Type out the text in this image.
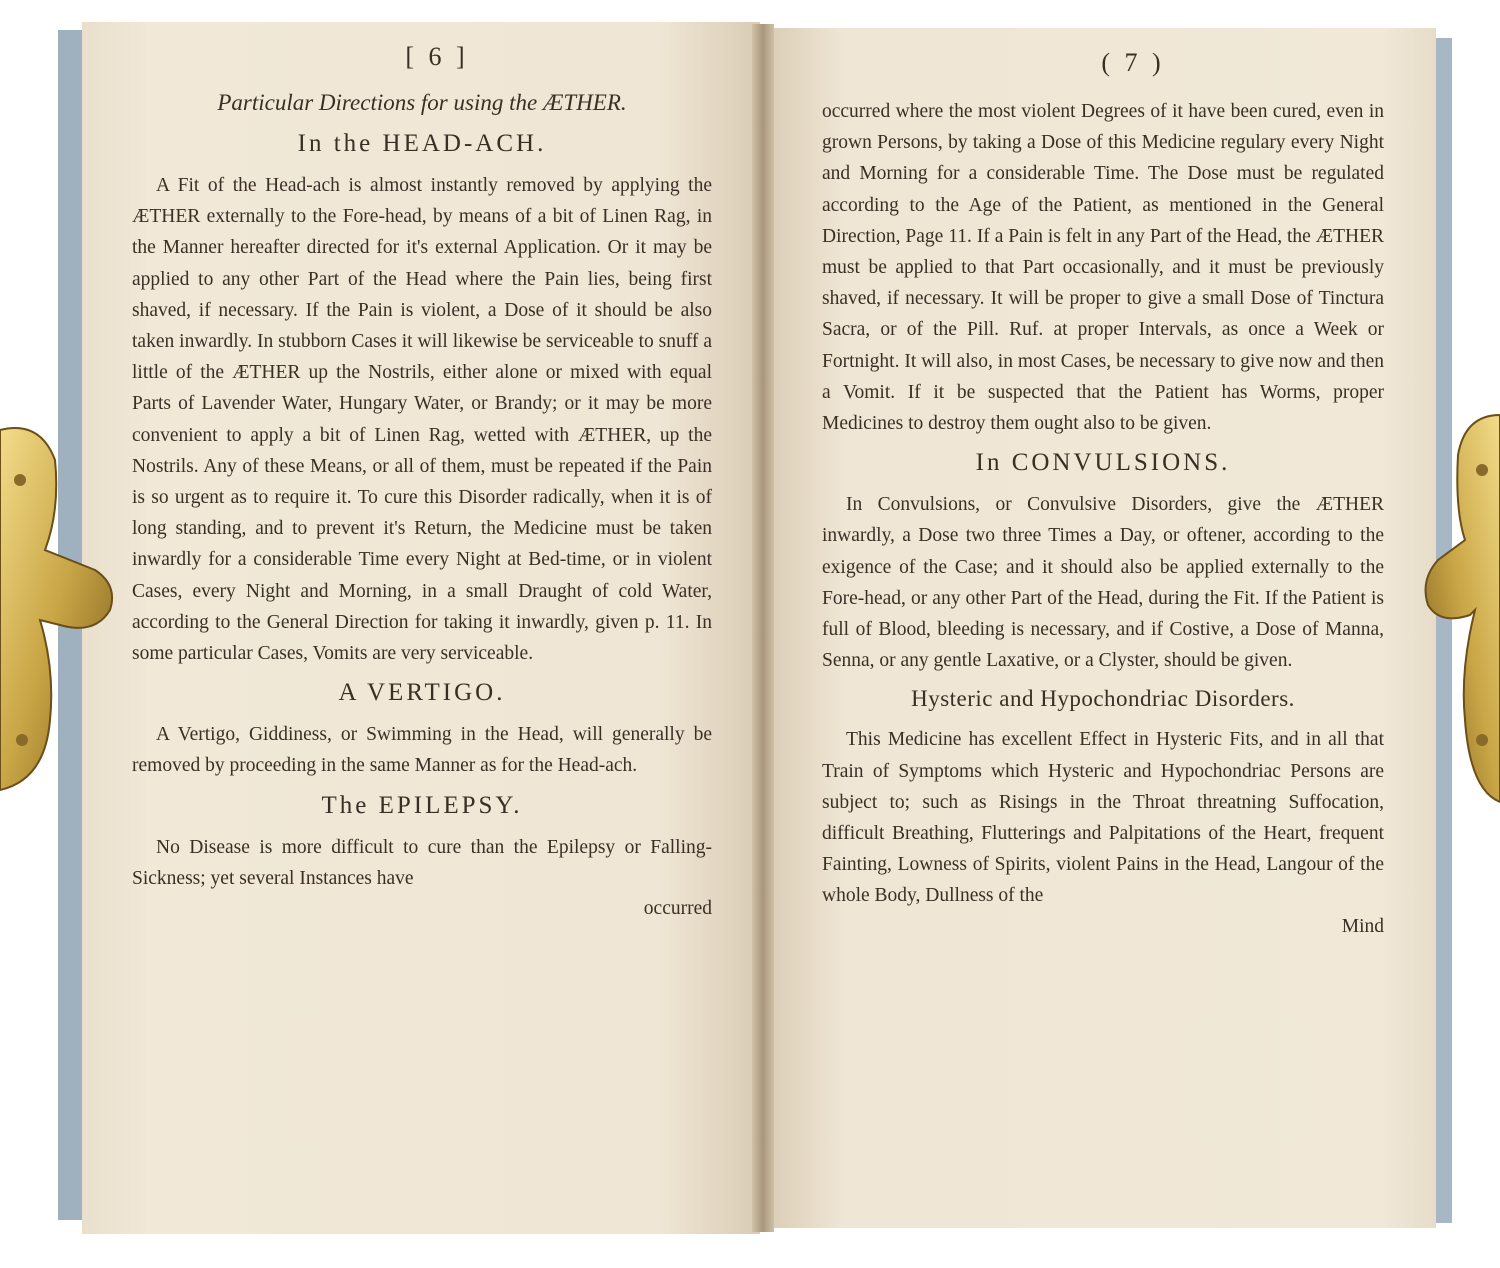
[ 6 ]
Particular Directions for using the ÆTHER.
In the HEAD-ACH.

A Fit of the Head-ach is almost instantly removed by applying the ÆTHER externally to the Fore-head, by means of a bit of Linen Rag, in the Manner hereafter directed for it's external Application. Or it may be applied to any other Part of the Head where the Pain lies, being first shaved, if necessary. If the Pain is violent, a Dose of it should be also taken inwardly. In stubborn Cases it will likewise be serviceable to snuff a little of the ÆTHER up the Nostrils, either alone or mixed with equal Parts of Lavender Water, Hungary Water, or Brandy; or it may be more convenient to apply a bit of Linen Rag, wetted with ÆTHER, up the Nostrils. Any of these Means, or all of them, must be repeated if the Pain is so urgent as to require it. To cure this Disorder radically, when it is of long standing, and to prevent it's Return, the Medicine must be taken inwardly for a considerable Time every Night at Bed-time, or in violent Cases, every Night and Morning, in a small Draught of cold Water, according to the General Direction for taking it inwardly, given p. 11. In some particular Cases, Vomits are very serviceable.

A VERTIGO.

A Vertigo, Giddiness, or Swimming in the Head, will generally be removed by proceeding in the same Manner as for the Head-ach.

The EPILEPSY.

No Disease is more difficult to cure than the Epilepsy or Falling-Sickness; yet several Instances have

occurred

( 7 )

occurred where the most violent Degrees of it have been cured, even in grown Persons, by taking a Dose of this Medicine regulary every Night and Morning for a considerable Time. The Dose must be regulated according to the Age of the Patient, as mentioned in the General Direction, Page 11. If a Pain is felt in any Part of the Head, the ÆTHER must be applied to that Part occasionally, and it must be previously shaved, if necessary. It will be proper to give a small Dose of Tinctura Sacra, or of the Pill. Ruf. at proper Intervals, as once a Week or Fortnight. It will also, in most Cases, be necessary to give now and then a Vomit. If it be suspected that the Patient has Worms, proper Medicines to destroy them ought also to be given.

In CONVULSIONS.

In Convulsions, or Convulsive Disorders, give the ÆTHER inwardly, a Dose two three Times a Day, or oftener, according to the exigence of the Case; and it should also be applied externally to the Fore-head, or any other Part of the Head, during the Fit. If the Patient is full of Blood, bleeding is necessary, and if Costive, a Dose of Manna, Senna, or any gentle Laxative, or a Clyster, should be given.

Hysteric and Hypochondriac Disorders.

This Medicine has excellent Effect in Hysteric Fits, and in all that Train of Symptoms which Hysteric and Hypochondriac Persons are subject to; such as Risings in the Throat threatning Suffocation, difficult Breathing, Flutterings and Palpitations of the Heart, frequent Fainting, Lowness of Spirits, violent Pains in the Head, Langour of the whole Body, Dullness of the

Mind
